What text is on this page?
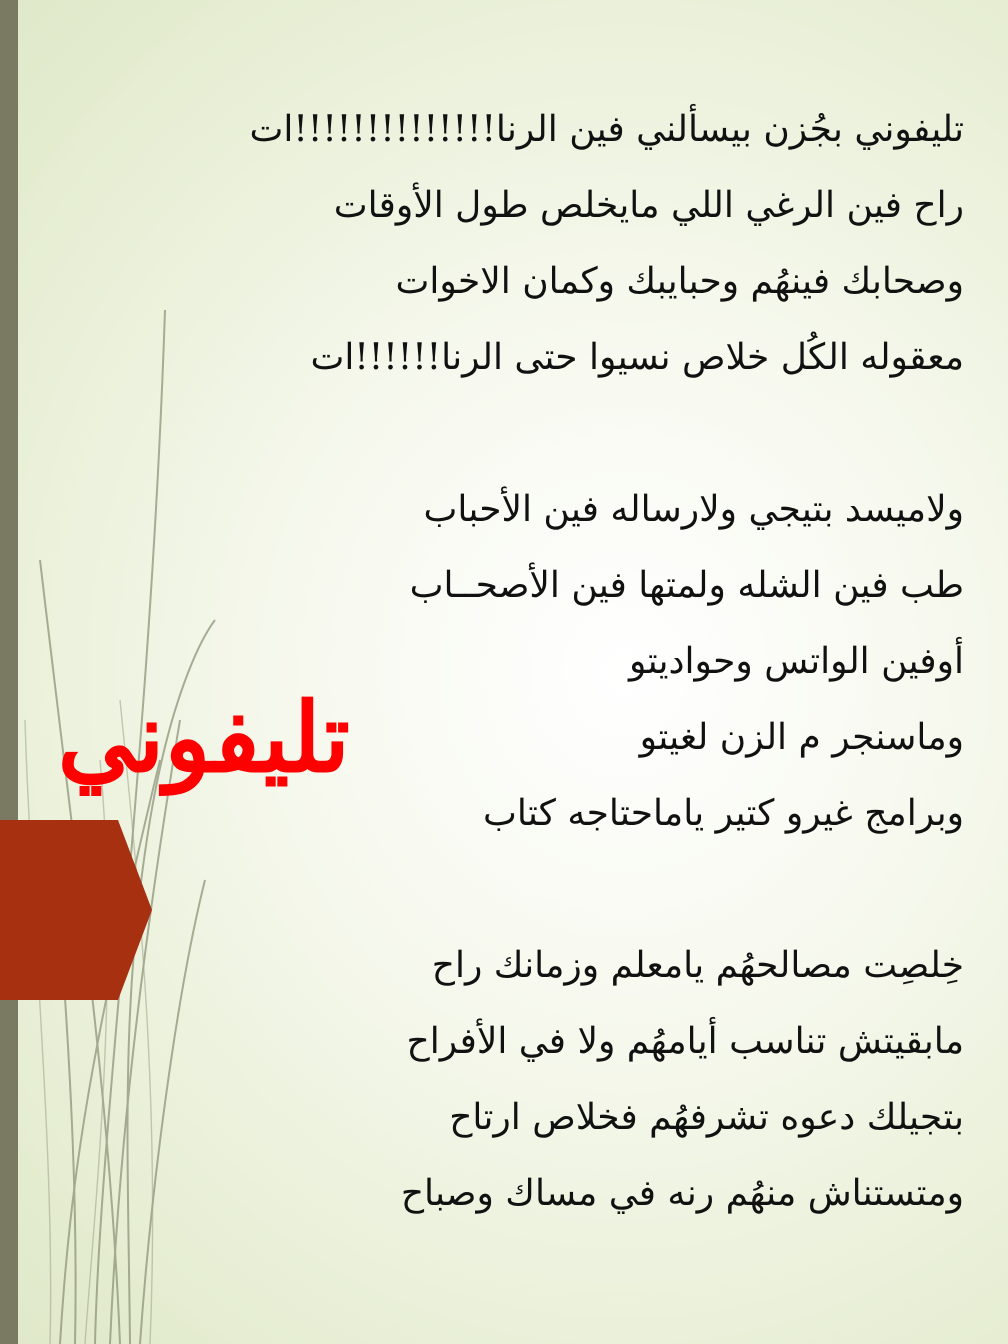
تليفوني
تليفوني بجُزن بيسألني فين الرنا!!!!!!!!!!!!!!ات
راح فين الرغي اللي مايخلص طول الأوقات
وصحابك فينهُم وحبايبك وكمان الاخوات
معقوله الكُل خلاص نسيوا حتى الرنا!!!!!!ات
ولاميسد بتيجي ولارساله فين الأحباب
طب فين الشله ولمتها فين الأصحــاب
أوفين الواتس وحواديتو
وماسنجر م الزن لغيتو
وبرامج غيرو كتير ياماحتاجه كتاب
خِلصِت مصالحهُم يامعلم وزمانك راح
مابقيتش تناسب أيامهُم ولا في الأفراح
بتجيلك دعوه تشرفهُم فخلاص ارتاح
ومتستناش منهُم رنه في مساك وصباح
